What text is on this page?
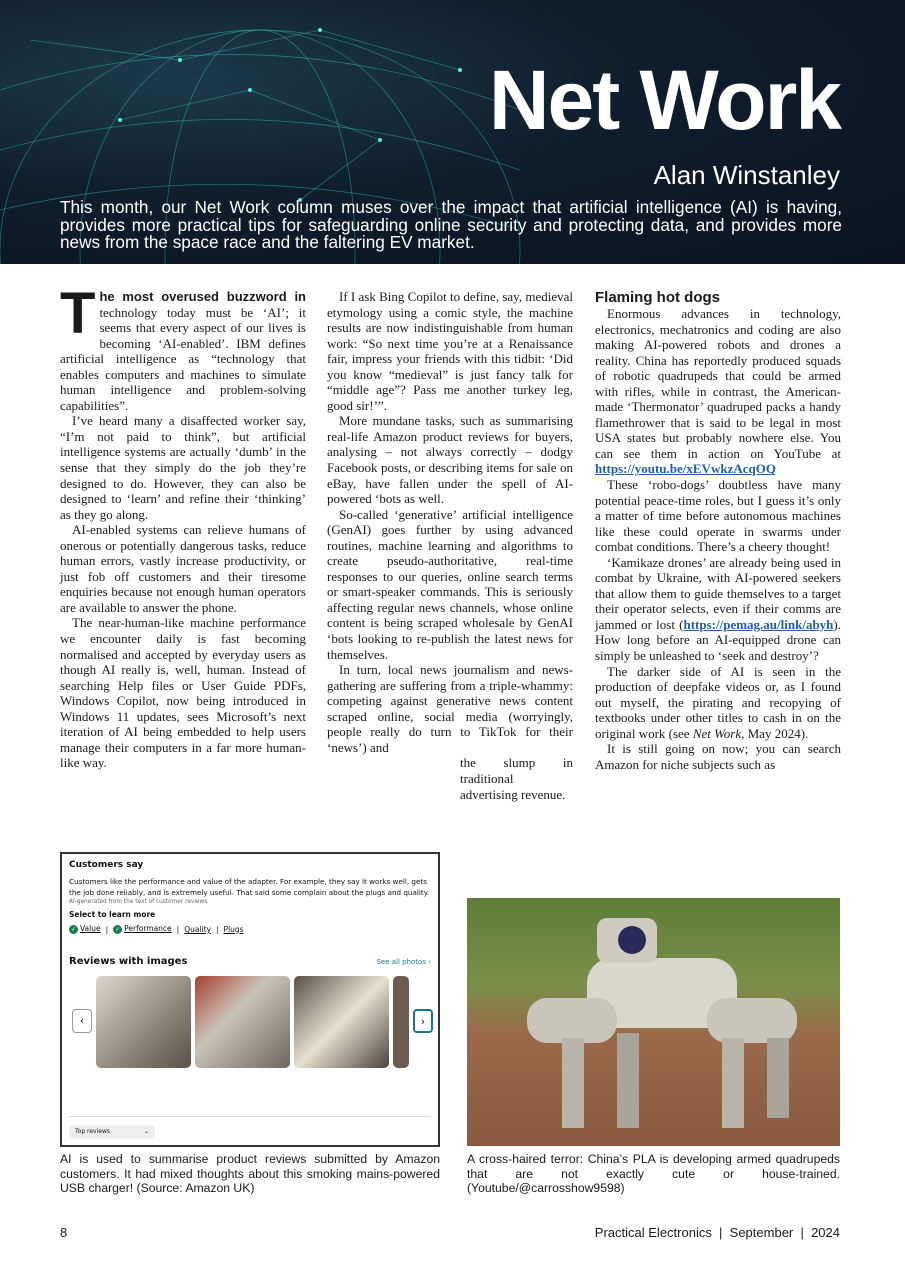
Net Work
Alan Winstanley
This month, our Net Work column muses over the impact that artificial intelligence (AI) is having, provides more practical tips for safeguarding online security and protecting data, and provides more news from the space race and the faltering EV market.

The most overused buzzword in technology today must be ‘AI’; it seems that every aspect of our lives is becoming ‘AI-enabled’. IBM defines artificial intelligence as “technology that enables computers and machines to simulate human intelligence and problem-solving capabilities”.

I’ve heard many a disaffected worker say, “I’m not paid to think”, but artificial intelligence systems are actually ‘dumb’ in the sense that they simply do the job they’re designed to do. However, they can also be designed to ‘learn’ and refine their ‘thinking’ as they go along.

AI-enabled systems can relieve humans of onerous or potentially dangerous tasks, reduce human errors, vastly increase productivity, or just fob off customers and their tiresome enquiries because not enough human operators are available to answer the phone.

The near-human-like machine performance we encounter daily is fast becoming normalised and accepted by everyday users as though AI really is, well, human. Instead of searching Help files or User Guide PDFs, Windows Copilot, now being introduced in Windows 11 updates, sees Microsoft’s next iteration of AI being embedded to help users manage their computers in a far more human-like way.

If I ask Bing Copilot to define, say, medieval etymology using a comic style, the machine results are now indistinguishable from human work: “So next time you’re at a Renaissance fair, impress your friends with this tidbit: ‘Did you know “medieval” is just fancy talk for “middle age”? Pass me another turkey leg, good sir!’”.

More mundane tasks, such as summarising real-life Amazon product reviews for buyers, analysing – not always correctly – dodgy Facebook posts, or describing items for sale on eBay, have fallen under the spell of AI-powered ‘bots as well.

So-called ‘generative’ artificial intelligence (GenAI) goes further by using advanced routines, machine learning and algorithms to create pseudo-authoritative, real-time responses to our queries, online search terms or smart-speaker commands. This is seriously affecting regular news channels, whose online content is being scraped wholesale by GenAI ‘bots looking to re-publish the latest news for themselves.

In turn, local news journalism and news-gathering are suffering from a triple-whammy: competing against generative news content scraped online, social media (worryingly, people really do turn to TikTok for their ‘news’) and

the slump in traditional advertising revenue.
Flaming hot dogs

Enormous advances in technology, electronics, mechatronics and coding are also making AI-powered robots and drones a reality. China has reportedly produced squads of robotic quadrupeds that could be armed with rifles, while in contrast, the American-made ‘Thermonator’ quadruped packs a handy flamethrower that is said to be legal in most USA states but probably nowhere else. You can see them in action on YouTube at https://youtu.be/xEVwkzAcqOQ

These ‘robo-dogs’ doubtless have many potential peace-time roles, but I guess it’s only a matter of time before autonomous machines like these could operate in swarms under combat conditions. There’s a cheery thought!

‘Kamikaze drones’ are already being used in combat by Ukraine, with AI-powered seekers that allow them to guide themselves to a target their operator selects, even if their comms are jammed or lost (https://pemag.au/link/abyh). How long before an AI-equipped drone can simply be unleashed to ‘seek and destroy’?

The darker side of AI is seen in the production of deepfake videos or, as I found out myself, the pirating and recopying of textbooks under other titles to cash in on the original work (see Net Work, May 2024).

It is still going on now; you can search Amazon for niche subjects such as

Customers say
Customers like the performance and value of the adapter. For example, they say it works well, gets the job done reliably, and is extremely useful. That said some complain about the plugs and quality.
AI-generated from the text of customer reviews
Select to learn more
✓ Value |	✓ Performance | Quality | Plugs
Reviews with images	See all photos ›
‹	›
Top reviews	⌄
AI is used to summarise product reviews submitted by Amazon customers. It had mixed thoughts about this smoking mains-powered USB charger! (Source: Amazon UK)
A cross-haired terror: China’s PLA is developing armed quadrupeds that are not exactly cute or house-trained. (Youtube/@carrosshow9598)
8	Practical Electronics  |  September  |  2024
